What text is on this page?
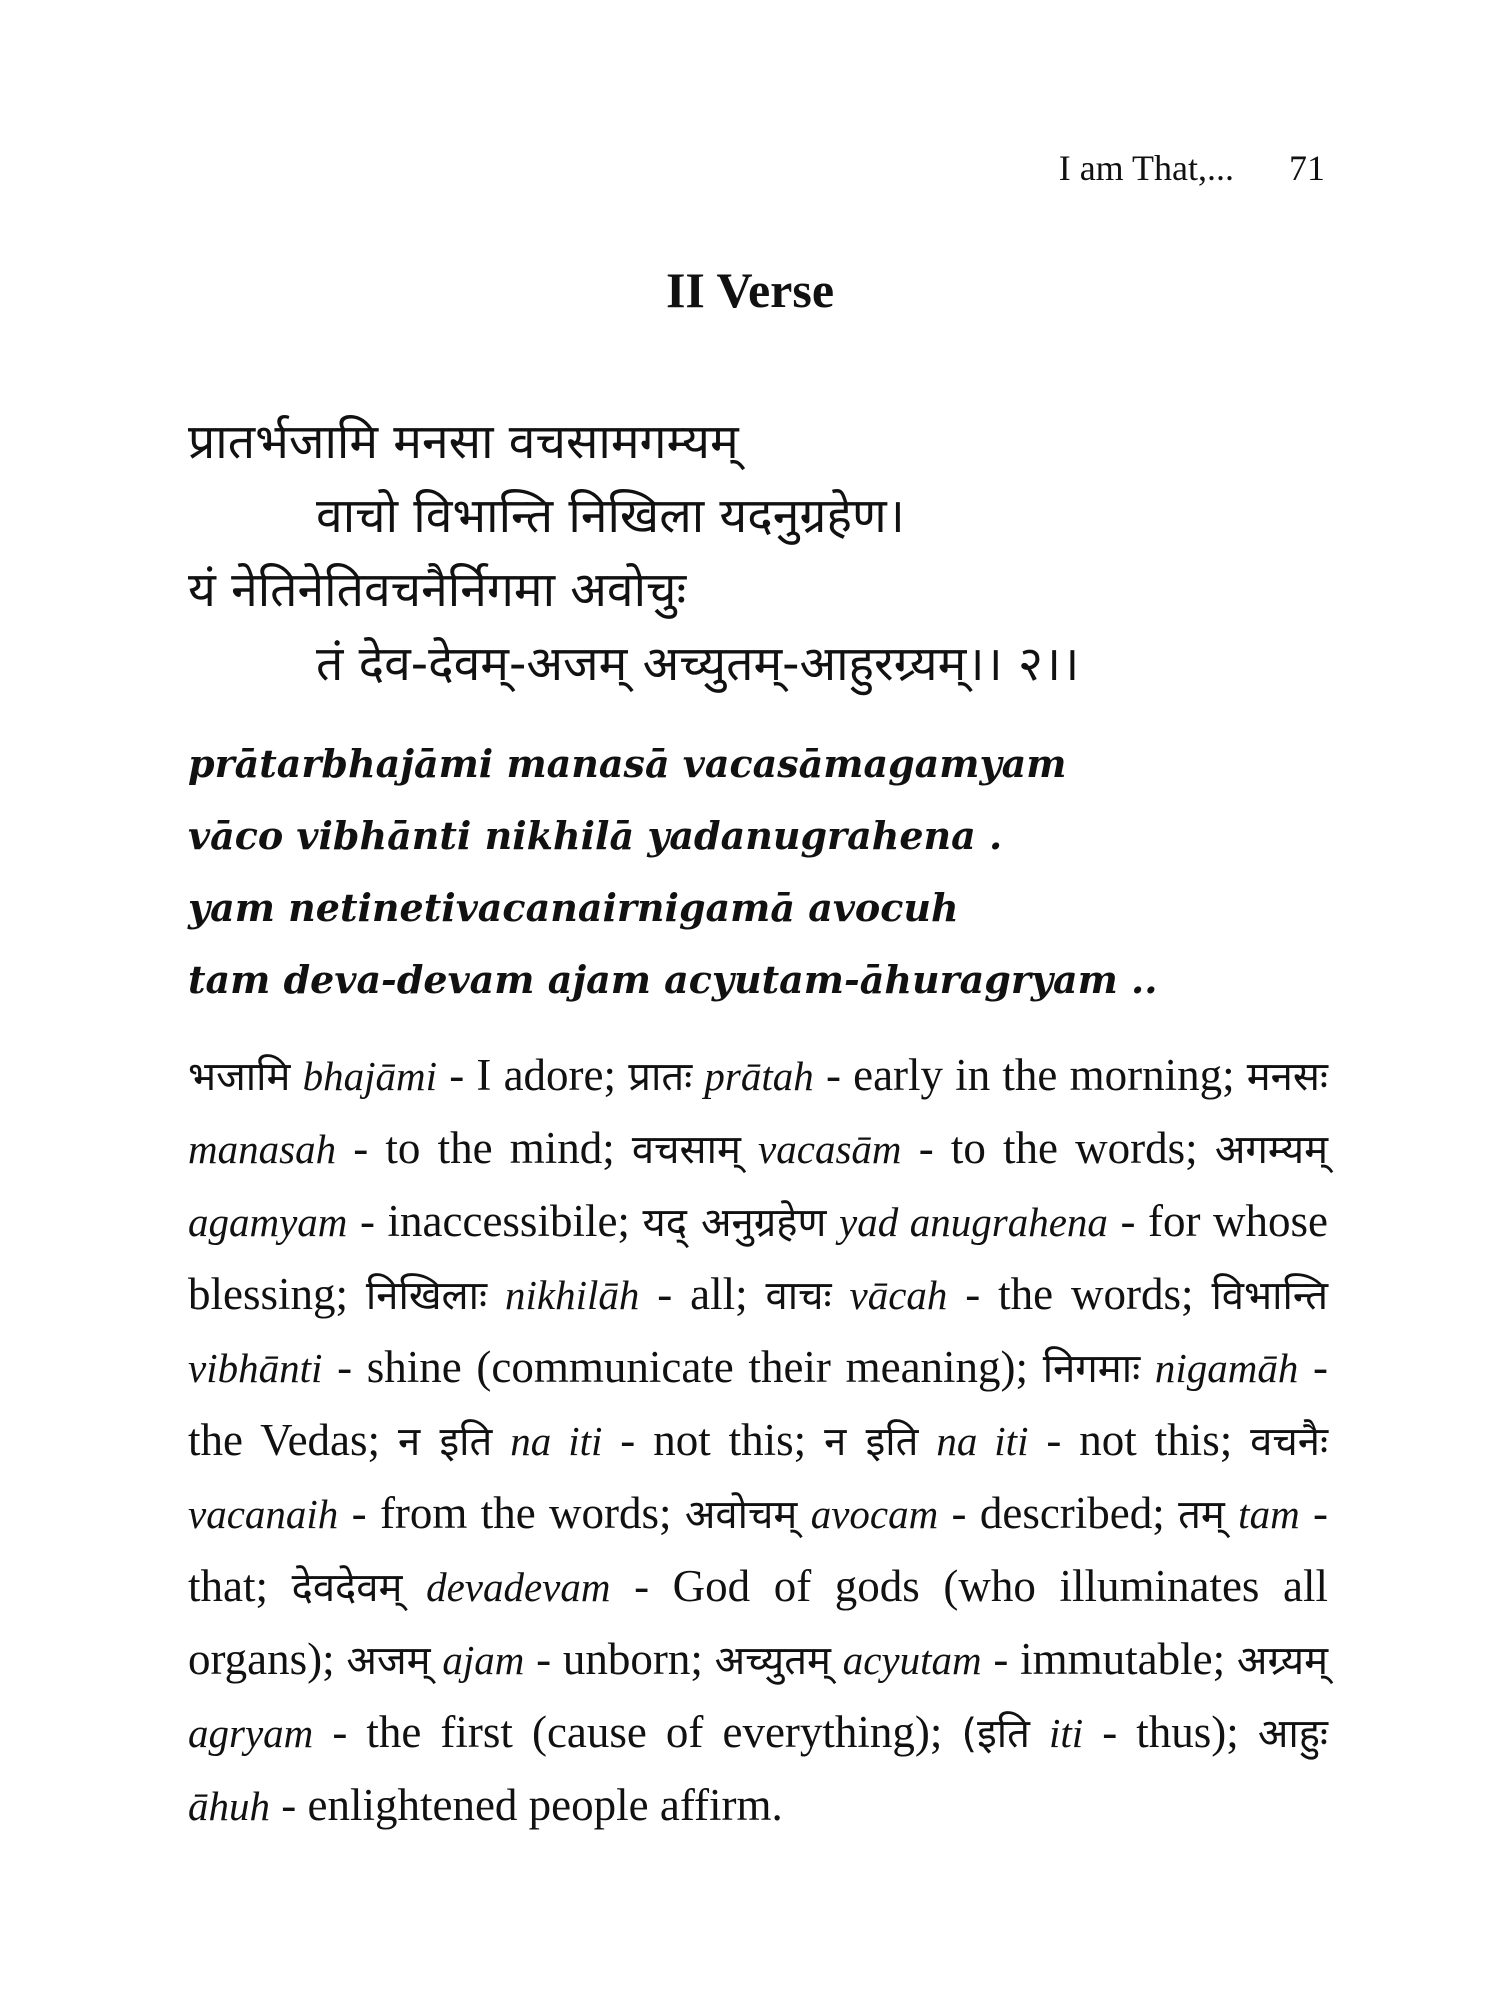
I am That,... 71
II Verse
प्रातर्भजामि मनसा वचसामगम्यम्
वाचो विभान्ति निखिला यदनुग्रहेण।
यं नेतिनेतिवचनैर्निगमा अवोचुः
तं देव-देवम्-अजम् अच्युतम्-आहुरग्र्यम्।। २।।
prātarbhajāmi manasā vacasāmagamyam
vāco vibhānti nikhilā yadanugrahena .
yam netinetivacanairnigamā avocuh
tam deva-devam ajam acyutam-āhuragryam ..
भजामि bhajāmi - I adore; प्रातः prātah - early in the morning; मनसः manasah - to the mind; वचसाम् vacasām - to the words; अगम्यम् agamyam - inaccessibile; यद् अनुग्रहेण yad anugrahena - for whose blessing; निखिलाः nikhilāh - all; वाचः vācah - the words; विभान्ति vibhānti - shine (communicate their meaning); निगमाः nigamāh - the Vedas; न इति na iti - not this; न इति na iti - not this; वचनैः vacanaih - from the words; अवोचम् avocam - described; तम् tam - that; देवदेवम् devadevam - God of gods (who illuminates all organs); अजम् ajam - unborn; अच्युतम् acyutam - immutable; अग्र्यम् agryam - the first (cause of everything); (इति iti - thus); आहुः āhuh - enlightened people affirm.
